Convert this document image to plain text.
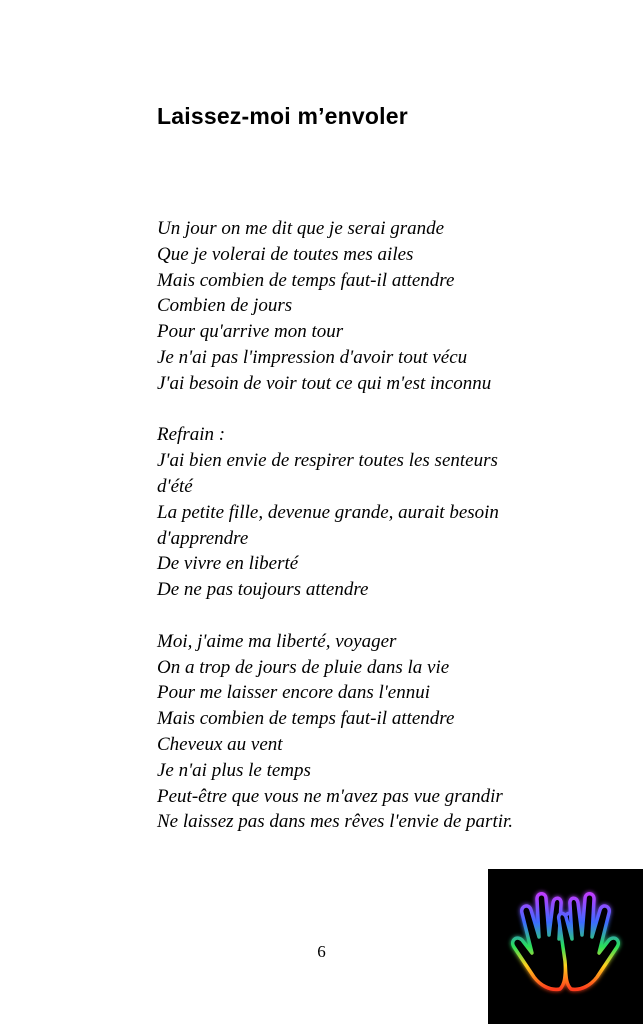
Laissez-moi m’envoler
Un jour on me dit que je serai grande
Que je volerai de toutes mes ailes
Mais combien de temps faut-il attendre
Combien de jours
Pour qu'arrive mon tour
Je n'ai pas l'impression d'avoir tout vécu
J'ai besoin de voir tout ce qui m'est inconnu
Refrain :
J'ai bien envie de respirer toutes les senteurs
d'été
La petite fille, devenue grande, aurait besoin
d'apprendre
De vivre en liberté
De ne pas toujours attendre
Moi, j'aime ma liberté, voyager
On a trop de jours de pluie dans la vie
Pour me laisser encore dans l'ennui
Mais combien de temps faut-il attendre
Cheveux au vent
Je n'ai plus le temps
Peut-être que vous ne m'avez pas vue grandir
Ne laissez pas dans mes rêves l'envie de partir.
6
